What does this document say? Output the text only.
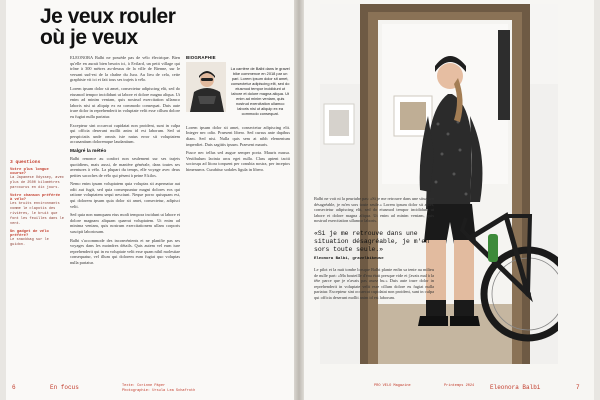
Je veux rouler
où je veux

ELEONORA Balbi ne possède pas de vélo électrique. Bien qu'elle en aurait bien besoin ici, à Evilard, un petit village qui trône à 300 mètres au-dessus de la ville de Bienne, sur le versant sud-est de la chaîne du Jura. Au lieu de cela, cette graphiste vit ici et fait tous ses trajets à vélo.

Lorem ipsum dolor sit amet, consectetur adipiscing elit, sed do eiusmod tempor incididunt ut labore et dolore magna aliqua. Ut enim ad minim veniam, quis nostrud exercitation ullamco laboris nisi ut aliquip ex ea commodo consequat. Duis aute irure dolor in reprehenderit in voluptate velit esse cillum dolore eu fugiat nulla pariatur.

Excepteur sint occaecat cupidatat non proident, sunt in culpa qui officia deserunt mollit anim id est laborum. Sed ut perspiciatis unde omnis iste natus error sit voluptatem accusantium doloremque laudantium.

Malgré la météo

Balbi renonce au confort non seulement sur ses trajets quotidiens, mais aussi, de manière générale, dans toutes ses aventures à vélo. La plupart du temps, elle voyage avec deux petites sacoches de vélo qui pèsent à peine 8 kilos.

Nemo enim ipsam voluptatem quia voluptas sit aspernatur aut odit aut fugit, sed quia consequuntur magni dolores eos qui ratione voluptatem sequi nesciunt. Neque porro quisquam est, qui dolorem ipsum quia dolor sit amet, consectetur, adipisci velit.

Sed quia non numquam eius modi tempora incidunt ut labore et dolore magnam aliquam quaerat voluptatem. Ut enim ad minima veniam, quis nostrum exercitationem ullam corporis suscipit laboriosam.

Balbi s'accommode des inconvénients et ne planifie pas ses voyages dans les moindres détails. Quis autem vel eum iure reprehenderit qui in ea voluptate velit esse quam nihil molestiae consequatur, vel illum qui dolorem eum fugiat quo voluptas nulla pariatur.

BIOGRAPHIE

La carrière de Balbi dans le gravel bike commence en 2018 par un pari. Lorem ipsum dolor sit amet, consectetur adipiscing elit, sed do eiusmod tempor incididunt ut labore et dolore magna aliqua. Ut enim ad minim veniam, quis nostrud exercitation ullamco laboris nisi ut aliquip ex ea commodo consequat.

Lorem ipsum dolor sit amet, consectetur adipiscing elit. Integer nec odio. Praesent libero. Sed cursus ante dapibus diam. Sed nisi. Nulla quis sem at nibh elementum imperdiet. Duis sagittis ipsum. Praesent mauris.

Fusce nec tellus sed augue semper porta. Mauris massa. Vestibulum lacinia arcu eget nulla. Class aptent taciti sociosqu ad litora torquent per conubia nostra, per inceptos himenaeos. Curabitur sodales ligula in libero.

3 questions

Votre plus longue course?

La Japanese Odyssey, avec plus de 2500 kilomètres parcourus en dix jours.

Votre chanson préférée à vélo?

Les bruits environnants comme le clapotis des rivières, le bruit que font les feuilles dans le vent.

Un gadget de vélo préféré?

Le snackbag sur le guidon.

6	En focus	Texte: Corinne Päper
Photographie: Ursula Lea Schafroth

Balbi ne voit ni la peurtube pas: «Si je me retrouve dans une situation désagréable, je m'en sors toute seule.» Lorem ipsum dolor sit amet, consectetur adipiscing elit, sed do eiusmod tempor incididunt ut labore et dolore magna aliqua. Ut enim ad minim veniam, quis nostrud exercitation ullamco laboris.

«Si je me retrouve dans une situation désagréable, je m'en sors toute seule.»

Eleonora Balbi, gravelbikeuse

Le pilot et la nuit tombe lorsque Balbi plante enfin sa tente au milieu de nulle part: «Ma bouteille d'eau était presque vide et j'avais mal à la tête parce que je n'avais pas assez bu.» Duis aute irure dolor in reprehenderit in voluptate velit esse cillum dolore eu fugiat nulla pariatur. Excepteur sint occaecat cupidatat non proident, sunt in culpa qui officia deserunt mollit anim id est laborum.

PRO VELO Magazine	Printemps 2024	Eleonora Balbi	7
